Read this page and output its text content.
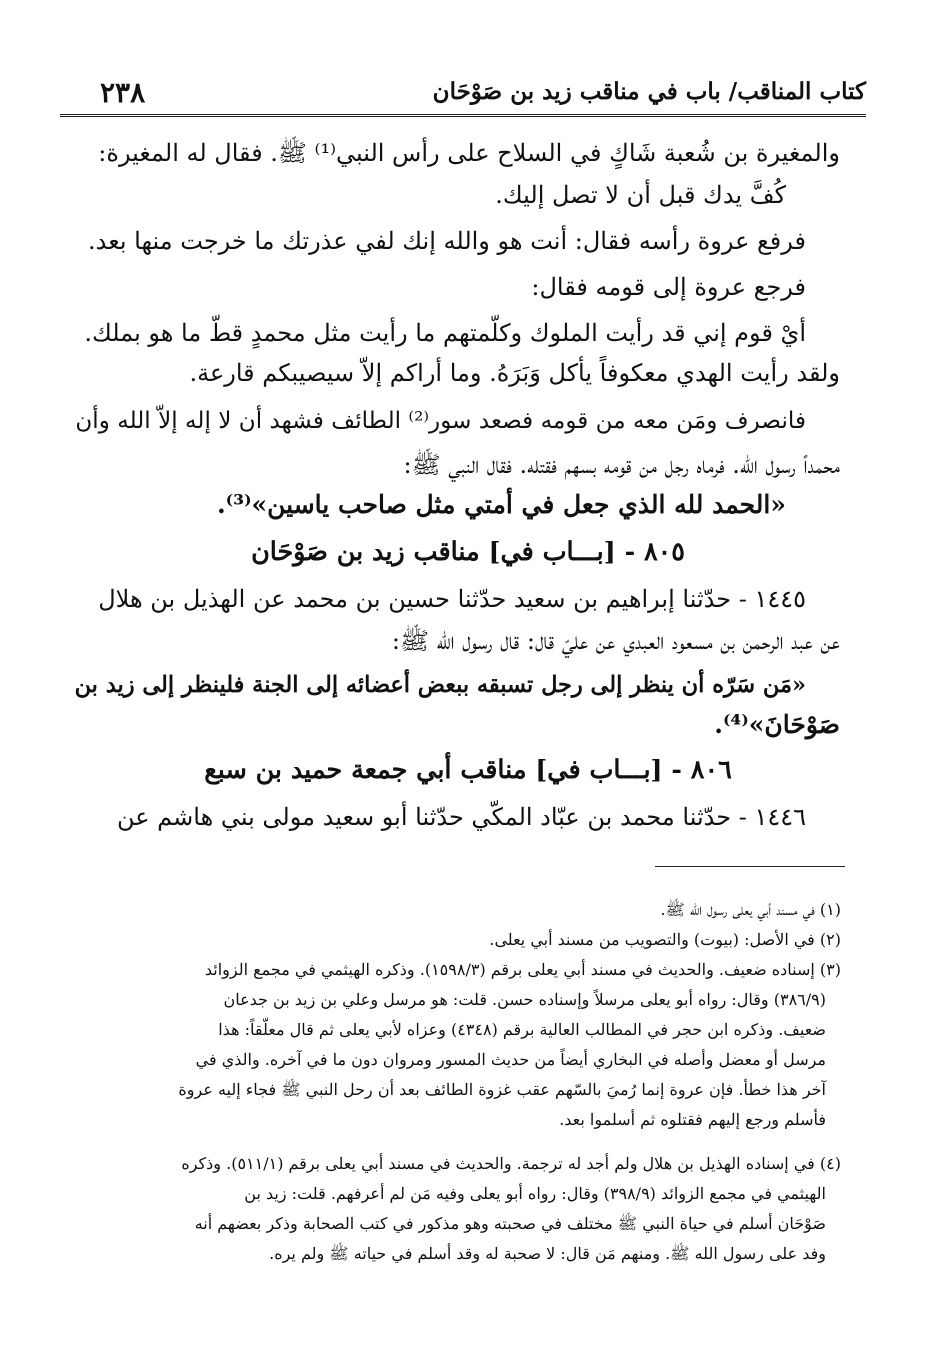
٢٣٨	كتاب المناقب/ باب في مناقب زيد بن صَوْحَان
والمغيرة بن شُعبة شَاكٍ في السلاح على رأس النبي⁽¹⁾ ﷺ. فقال له المغيرة:
كُفَّ يدك قبل أن لا تصل إليك.
فرفع عروة رأسه فقال: أنت هو والله إنك لفي عذرتك ما خرجت منها بعد.
فرجع عروة إلى قومه فقال:
أيْ قوم إني قد رأيت الملوك وكلّمتهم ما رأيت مثل محمدٍ قطّ ما هو بملك.
ولقد رأيت الهدي معكوفاً يأكل وَبَرَهُ. وما أراكم إلاّ سيصيبكم قارعة.
فانصرف ومَن معه من قومه فصعد سور⁽²⁾ الطائف فشهد أن لا إله إلاّ الله وأن
محمداً رسول الله. فرماه رجل من قومه بسهم فقتله. فقال النبي ﷺ:
«الحمد لله الذي جعل في أمتي مثل صاحب ياسين»⁽³⁾.
٨٠٥ - [بـــاب في] مناقب زيد بن صَوْحَان
١٤٤٥ - حدّثنا إبراهيم بن سعيد حدّثنا حسين بن محمد عن الهذيل بن هلال
عن عبد الرحمن بن مسعود العبدي عن عليّ قال: قال رسول الله ﷺ:
«مَن سَرّه أن ينظر إلى رجل تسبقه ببعض أعضائه إلى الجنة فلينظر إلى زيد بن
صَوْحَانَ»⁽⁴⁾.
٨٠٦ - [بـــاب في] مناقب أبي جمعة حميد بن سبع
١٤٤٦ - حدّثنا محمد بن عبّاد المكّي حدّثنا أبو سعيد مولى بني هاشم عن
(١) في مسند أبي يعلى رسول الله ﷺ.
(٢) في الأصل: (بيوت) والتصويب من مسند أبي يعلى.
(٣) إسناده ضعيف. والحديث في مسند أبي يعلى برقم (١٥٩٨/٣). وذكره الهيثمي في مجمع الزوائد
(٣٨٦/٩) وقال: رواه أبو يعلى مرسلاً وإسناده حسن. قلت: هو مرسل وعلي بن زيد بن جدعان
ضعيف. وذكره ابن حجر في المطالب العالية برقم (٤٣٤٨) وعزاه لأبي يعلى ثم قال معلّقاً: هذا
مرسل أو معضل وأصله في البخاري أيضاً من حديث المسور ومروان دون ما في آخره. والذي في
آخر هذا خطأ. فإن عروة إنما رُميَ بالسّهم عقب غزوة الطائف بعد أن رحل النبي ﷺ فجاء إليه عروة
فأسلم ورجع إليهم فقتلوه ثم أسلموا بعد.
(٤) في إسناده الهذيل بن هلال ولم أجد له ترجمة. والحديث في مسند أبي يعلى برقم (٥١١/١). وذكره
الهيثمي في مجمع الزوائد (٣٩٨/٩) وقال: رواه أبو يعلى وفيه مَن لم أعرفهم. قلت: زيد بن
صَوْحَان أسلم في حياة النبي ﷺ مختلف في صحبته وهو مذكور في كتب الصحابة وذكر بعضهم أنه
وفد على رسول الله ﷺ. ومنهم مَن قال: لا صحبة له وقد أسلم في حياته ﷺ ولم يره.
